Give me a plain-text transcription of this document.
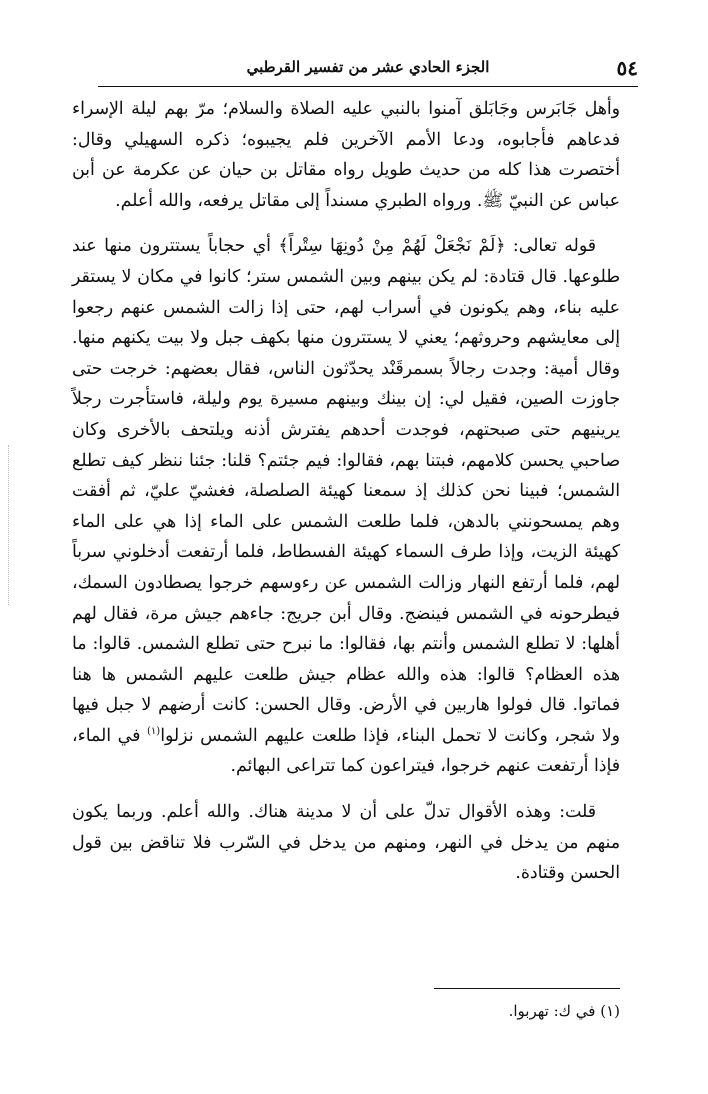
٥٤
الجزء الحادي عشر من تفسير القرطبي

وأهل جَابَرس وجَابَلق آمنوا بالنبي عليه الصلاة والسلام؛ مرّ بهم ليلة الإسراء فدعاهم فأجابوه، ودعا الأمم الآخرين فلم يجيبوه؛ ذكره السهيلي وقال: أختصرت هذا كله من حديث طويل رواه مقاتل بن حيان عن عكرمة عن أبن عباس عن النبيّ ﷺ. ورواه الطبري مسنداً إلى مقاتل يرفعه، والله أعلم.

قوله تعالى: ﴿لَمْ نَجْعَلْ لَهُمْ مِنْ دُونِهَا سِتْراً﴾ أي حجاباً يستترون منها عند طلوعها. قال قتادة: لم يكن بينهم وبين الشمس ستر؛ كانوا في مكان لا يستقر عليه بناء، وهم يكونون في أسراب لهم، حتى إذا زالت الشمس عنهم رجعوا إلى معايشهم وحروثهم؛ يعني لا يستترون منها بكهف جبل ولا بيت يكنهم منها. وقال أمية: وجدت رجالاً بسمرقَنْد يحدّثون الناس، فقال بعضهم: خرجت حتى جاوزت الصين، فقيل لي: إن بينك وبينهم مسيرة يوم وليلة، فاستأجرت رجلاً يرينيهم حتى صبحتهم، فوجدت أحدهم يفترش أذنه ويلتحف بالأخرى وكان صاحبي يحسن كلامهم، فبتنا بهم، فقالوا: فيم جئتم؟ قلنا: جئنا ننظر كيف تطلع الشمس؛ فبينا نحن كذلك إذ سمعنا كهيئة الصلصلة، فغشيّ عليّ، ثم أفقت وهم يمسحونني بالدهن، فلما طلعت الشمس على الماء إذا هي على الماء كهيئة الزيت، وإذا طرف السماء كهيئة الفسطاط، فلما أرتفعت أدخلوني سرباً لهم، فلما أرتفع النهار وزالت الشمس عن رءوسهم خرجوا يصطادون السمك، فيطرحونه في الشمس فينضج. وقال أبن جريج: جاءهم جيش مرة، فقال لهم أهلها: لا تطلع الشمس وأنتم بها، فقالوا: ما نبرح حتى تطلع الشمس. قالوا: ما هذه العظام؟ قالوا: هذه والله عظام جيش طلعت عليهم الشمس ها هنا فماتوا. قال فولوا هاربين في الأرض. وقال الحسن: كانت أرضهم لا جبل فيها ولا شجر، وكانت لا تحمل البناء، فإذا طلعت عليهم الشمس نزلوا$^{(١)}$ في الماء، فإذا أرتفعت عنهم خرجوا، فيتراعون كما تتراعى البهائم.

قلت: وهذه الأقوال تدلّ على أن لا مدينة هناك. والله أعلم. وربما يكون منهم من يدخل في النهر، ومنهم من يدخل في السّرب فلا تناقض بين قول الحسن وقتادة.

(١) في ك: تهربوا.
